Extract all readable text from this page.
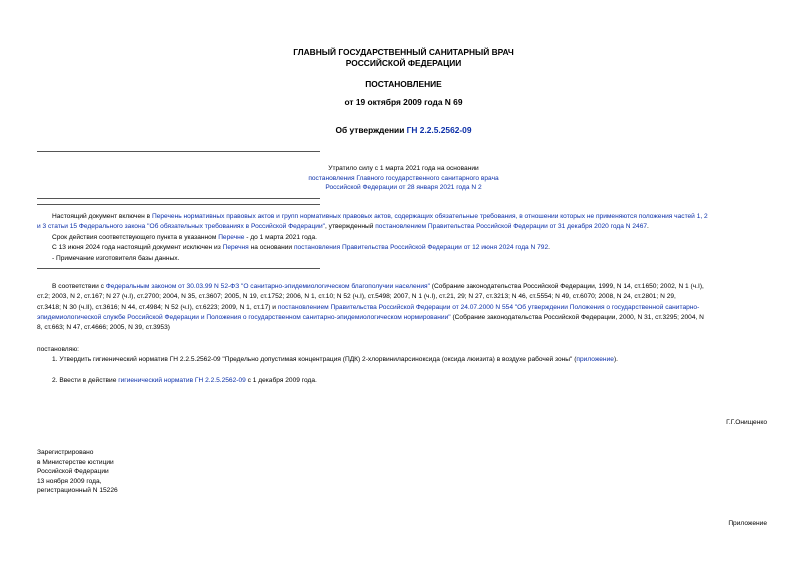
ГЛАВНЫЙ ГОСУДАРСТВЕННЫЙ САНИТАРНЫЙ ВРАЧ
РОССИЙСКОЙ ФЕДЕРАЦИИ
ПОСТАНОВЛЕНИЕ
от 19 октября 2009 года N 69
Об утверждении ГН 2.2.5.2562-09
Утратило силу с 1 марта 2021 года на основании
постановления Главного государственного санитарного врача
Российской Федерации от 28 января 2021 года N 2
Настоящий документ включен в Перечень нормативных правовых актов и групп нормативных правовых актов, содержащих обязательные требования, в отношении которых не применяются положения частей 1, 2
и 3 статьи 15 Федерального закона "Об обязательных требованиях в Российской Федерации", утвержденный постановлением Правительства Российской Федерации от 31 декабря 2020 года N 2467.
Срок действия соответствующего пункта в указанном Перечне - до 1 марта 2021 года.
С 13 июня 2024 года настоящий документ исключен из Перечня на основании постановления Правительства Российской Федерации от 12 июня 2024 года N 792.
- Примечание изготовителя базы данных.
В соответствии с Федеральным законом от 30.03.99 N 52-ФЗ "О санитарно-эпидемиологическом благополучии населения" (Собрание законодательства Российской Федерации, 1999, N 14, ст.1650; 2002, N 1 (ч.I),
ст.2; 2003, N 2, ст.167; N 27 (ч.I), ст.2700; 2004, N 35, ст.3607; 2005, N 19, ст.1752; 2006, N 1, ст.10; N 52 (ч.I), ст.5498; 2007, N 1 (ч.I), ст.21, 29; N 27, ст.3213; N 46, ст.5554; N 49, ст.6070; 2008, N 24, ст.2801; N 29,
ст.3418; N 30 (ч.II), ст.3616; N 44, ст.4984; N 52 (ч.I), ст.6223; 2009, N 1, ст.17) и постановлением Правительства Российской Федерации от 24.07.2000 N 554 "Об утверждении Положения о государственной санитарно-
эпидемиологической службе Российской Федерации и Положения о государственном санитарно-эпидемиологическом нормировании" (Собрание законодательства Российской Федерации, 2000, N 31, ст.3295; 2004, N
8, ст.663; N 47, ст.4666; 2005, N 39, ст.3953)
постановляю:
1. Утвердить гигиенический норматив ГН 2.2.5.2562-09 "Предельно допустимая концентрация (ПДК) 2-хлорвиниларсиноксида (оксида люизита) в воздухе рабочей зоны" (приложение).
2. Ввести в действие гигиенический норматив ГН 2.2.5.2562-09 с 1 декабря 2009 года.
Г.Г.Онищенко
Зарегистрировано
в Министерстве юстиции
Российской Федерации
13 ноября 2009 года,
регистрационный N 15226
Приложение
